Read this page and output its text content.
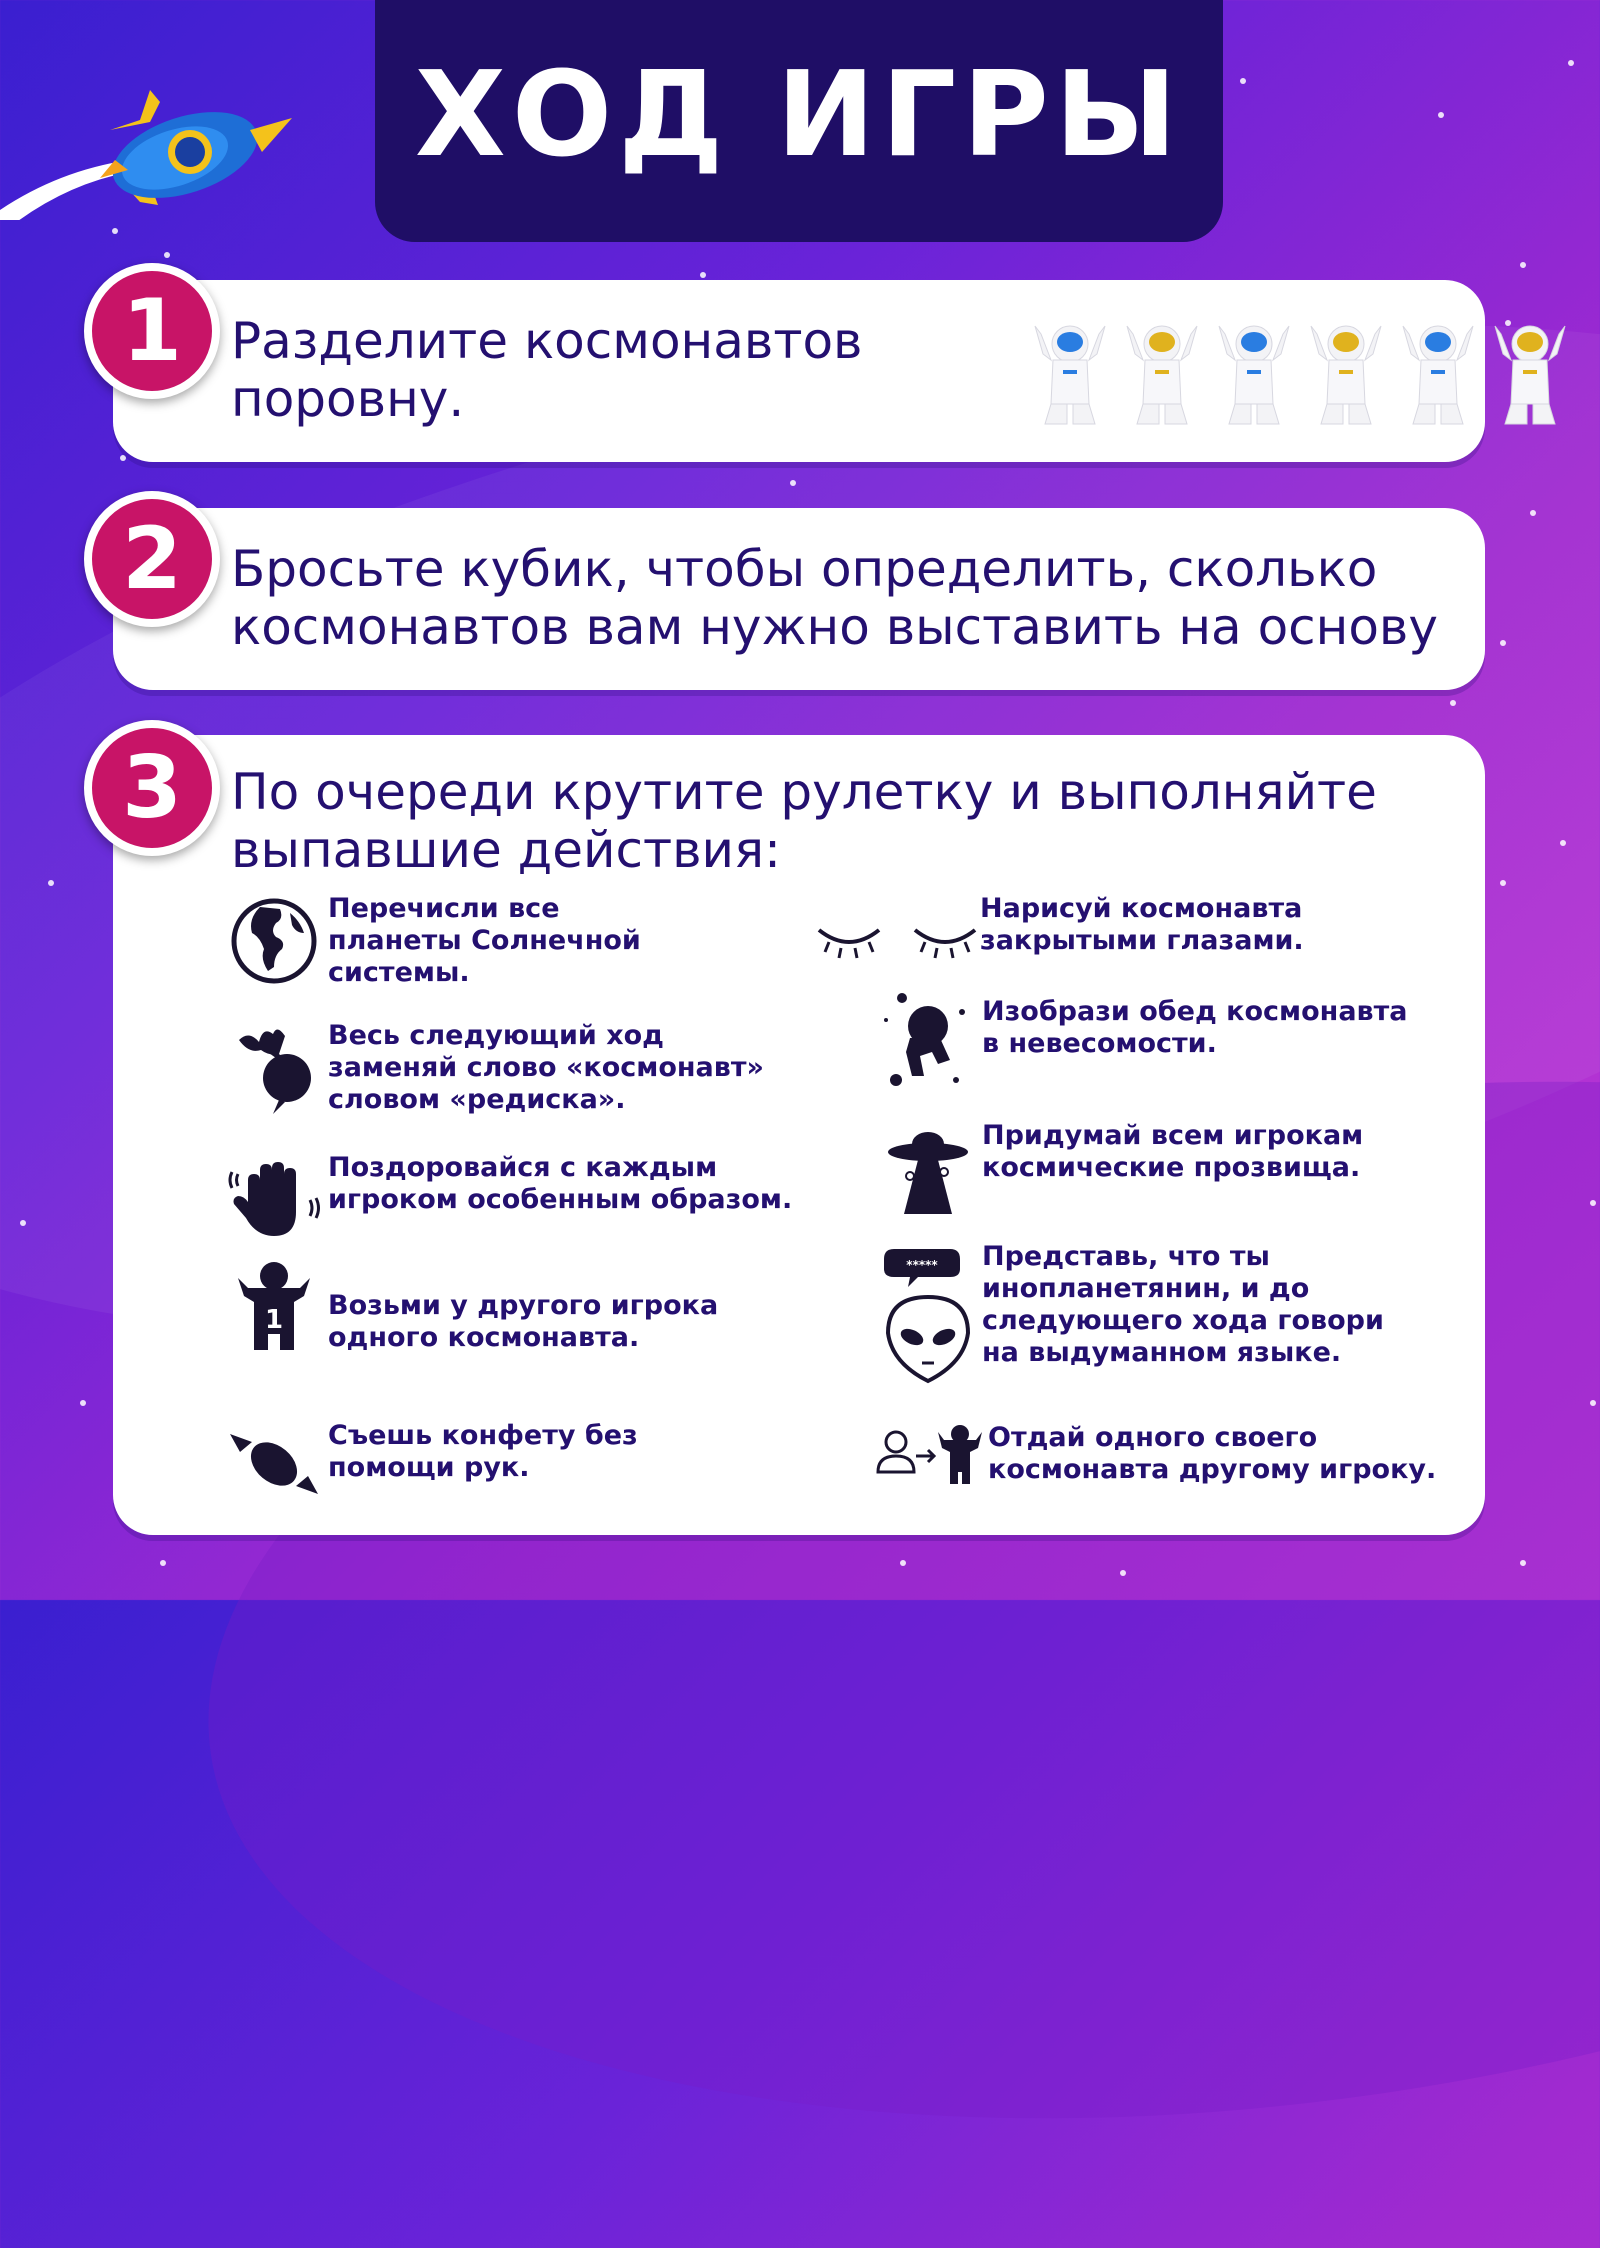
ХОД ИГРЫ
Разделите космонавтов
поровну.
1
Бросьте кубик, чтобы определить, сколько
космонавтов вам нужно выставить на основу
2
По очереди крутите рулетку и выполняйте
выпавшие действия:
3
Перечисли все
планеты Солнечной
системы.
Весь следующий ход
заменяй слово «космонавт»
словом «редиска».
Поздоровайся с каждым
игроком особенным образом.
1 Возьми у другого игрока
одного космонавта.
Съешь конфету без
помощи рук.
Нарисуй космонавта
закрытыми глазами.
Изобрази обед космонавта
в невесомости.
Придумай всем игрокам
космические прозвища.
***** Представь, что ты
инопланетянин, и до
следующего хода говори
на выдуманном языке.
Отдай одного своего
космонавта другому игроку.
